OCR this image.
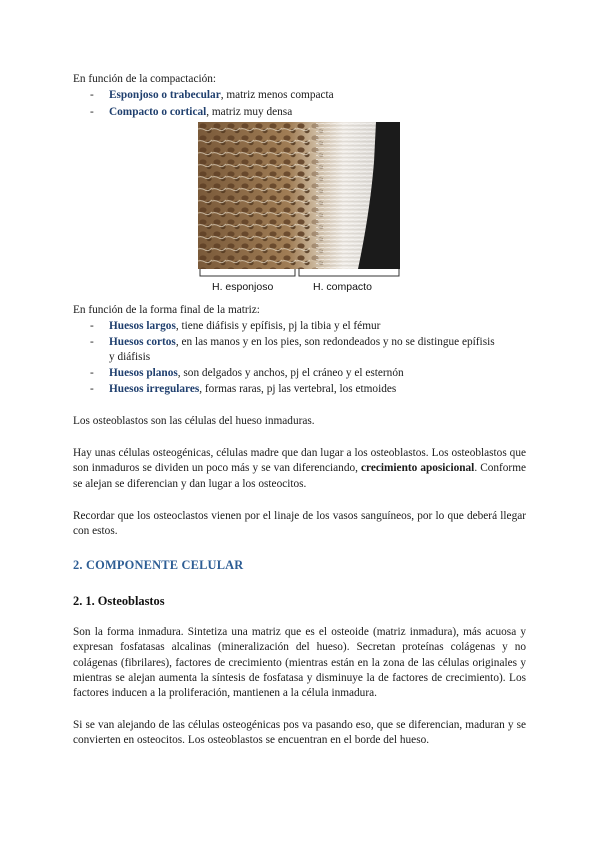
En función de la compactación:
- Esponjoso o trabecular, matriz menos compacta
- Compacto o cortical, matriz muy densa
H. esponjoso	H. compacto
En función de la forma final de la matriz:
- Huesos largos, tiene diáfisis y epífisis, pj la tibia y el fémur
- Huesos cortos, en las manos y en los pies, son redondeados y no se distingue epífisis
y diáfisis
- Huesos planos, son delgados y anchos, pj el cráneo y el esternón
- Huesos irregulares, formas raras, pj las vertebral, los etmoides
Los osteoblastos son las células del hueso inmaduras.
Hay unas células osteogénicas, células madre que dan lugar a los osteoblastos. Los osteoblastos que son inmaduros se dividen un poco más y se van diferenciando, crecimiento aposicional. Conforme se alejan se diferencian y dan lugar a los osteocitos.
Recordar que los osteoclastos vienen por el linaje de los vasos sanguíneos, por lo que deberá llegar con estos.
2. COMPONENTE CELULAR
2. 1. Osteoblastos
Son la forma inmadura. Sintetiza una matriz que es el osteoide (matriz inmadura), más acuosa y expresan fosfatasas alcalinas (mineralización del hueso). Secretan proteínas colágenas y no colágenas (fibrilares), factores de crecimiento (mientras están en la zona de las células originales y mientras se alejan aumenta la síntesis de fosfatasa y disminuye la de factores de crecimiento). Los factores inducen a la proliferación, mantienen a la célula inmadura.
Si se van alejando de las células osteogénicas pos va pasando eso, que se diferencian, maduran y se convierten en osteocitos. Los osteoblastos se encuentran en el borde del hueso.
